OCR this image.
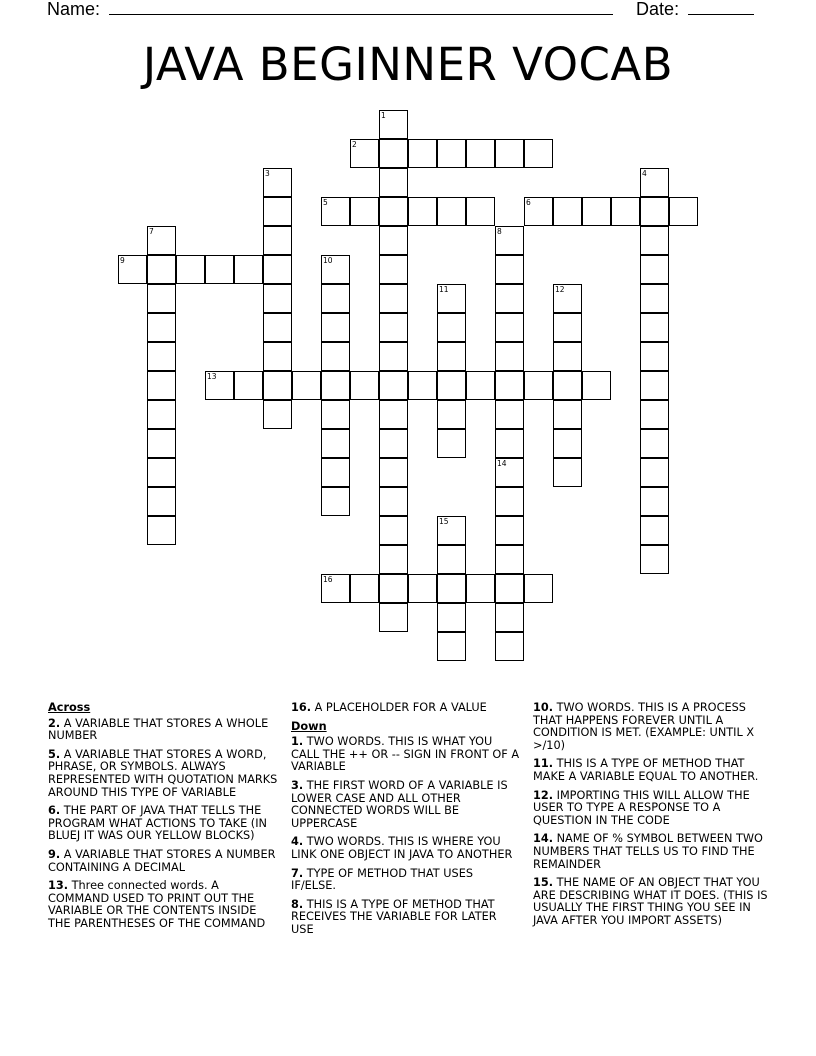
Name:	Date:
JAVA BEGINNER VOCAB
1
2
3	4
5	6
7	8
9	10
11	12
13
14
15
16
Across
2. A VARIABLE THAT STORES A WHOLE NUMBER
5. A VARIABLE THAT STORES A WORD, PHRASE, OR SYMBOLS. ALWAYS REPRESENTED WITH QUOTATION MARKS AROUND THIS TYPE OF VARIABLE
6. THE PART OF JAVA THAT TELLS THE PROGRAM WHAT ACTIONS TO TAKE (IN BLUEJ IT WAS OUR YELLOW BLOCKS)
9. A VARIABLE THAT STORES A NUMBER CONTAINING A DECIMAL
13. Three connected words. A COMMAND USED TO PRINT OUT THE VARIABLE OR THE CONTENTS INSIDE THE PARENTHESES OF THE COMMAND
16. A PLACEHOLDER FOR A VALUE
Down
1. TWO WORDS. THIS IS WHAT YOU CALL THE ++ OR -- SIGN IN FRONT OF A VARIABLE
3. THE FIRST WORD OF A VARIABLE IS LOWER CASE AND ALL OTHER CONNECTED WORDS WILL BE UPPERCASE
4. TWO WORDS. THIS IS WHERE YOU LINK ONE OBJECT IN JAVA TO ANOTHER
7. TYPE OF METHOD THAT USES IF/ELSE.
8. THIS IS A TYPE OF METHOD THAT RECEIVES THE VARIABLE FOR LATER USE
10. TWO WORDS. THIS IS A PROCESS THAT HAPPENS FOREVER UNTIL A CONDITION IS MET. (EXAMPLE: UNTIL X >/10)
11. THIS IS A TYPE OF METHOD THAT MAKE A VARIABLE EQUAL TO ANOTHER.
12. IMPORTING THIS WILL ALLOW THE USER TO TYPE A RESPONSE TO A QUESTION IN THE CODE
14. NAME OF % SYMBOL BETWEEN TWO NUMBERS THAT TELLS US TO FIND THE REMAINDER
15. THE NAME OF AN OBJECT THAT YOU ARE DESCRIBING WHAT IT DOES. (THIS IS USUALLY THE FIRST THING YOU SEE IN JAVA AFTER YOU IMPORT ASSETS)
